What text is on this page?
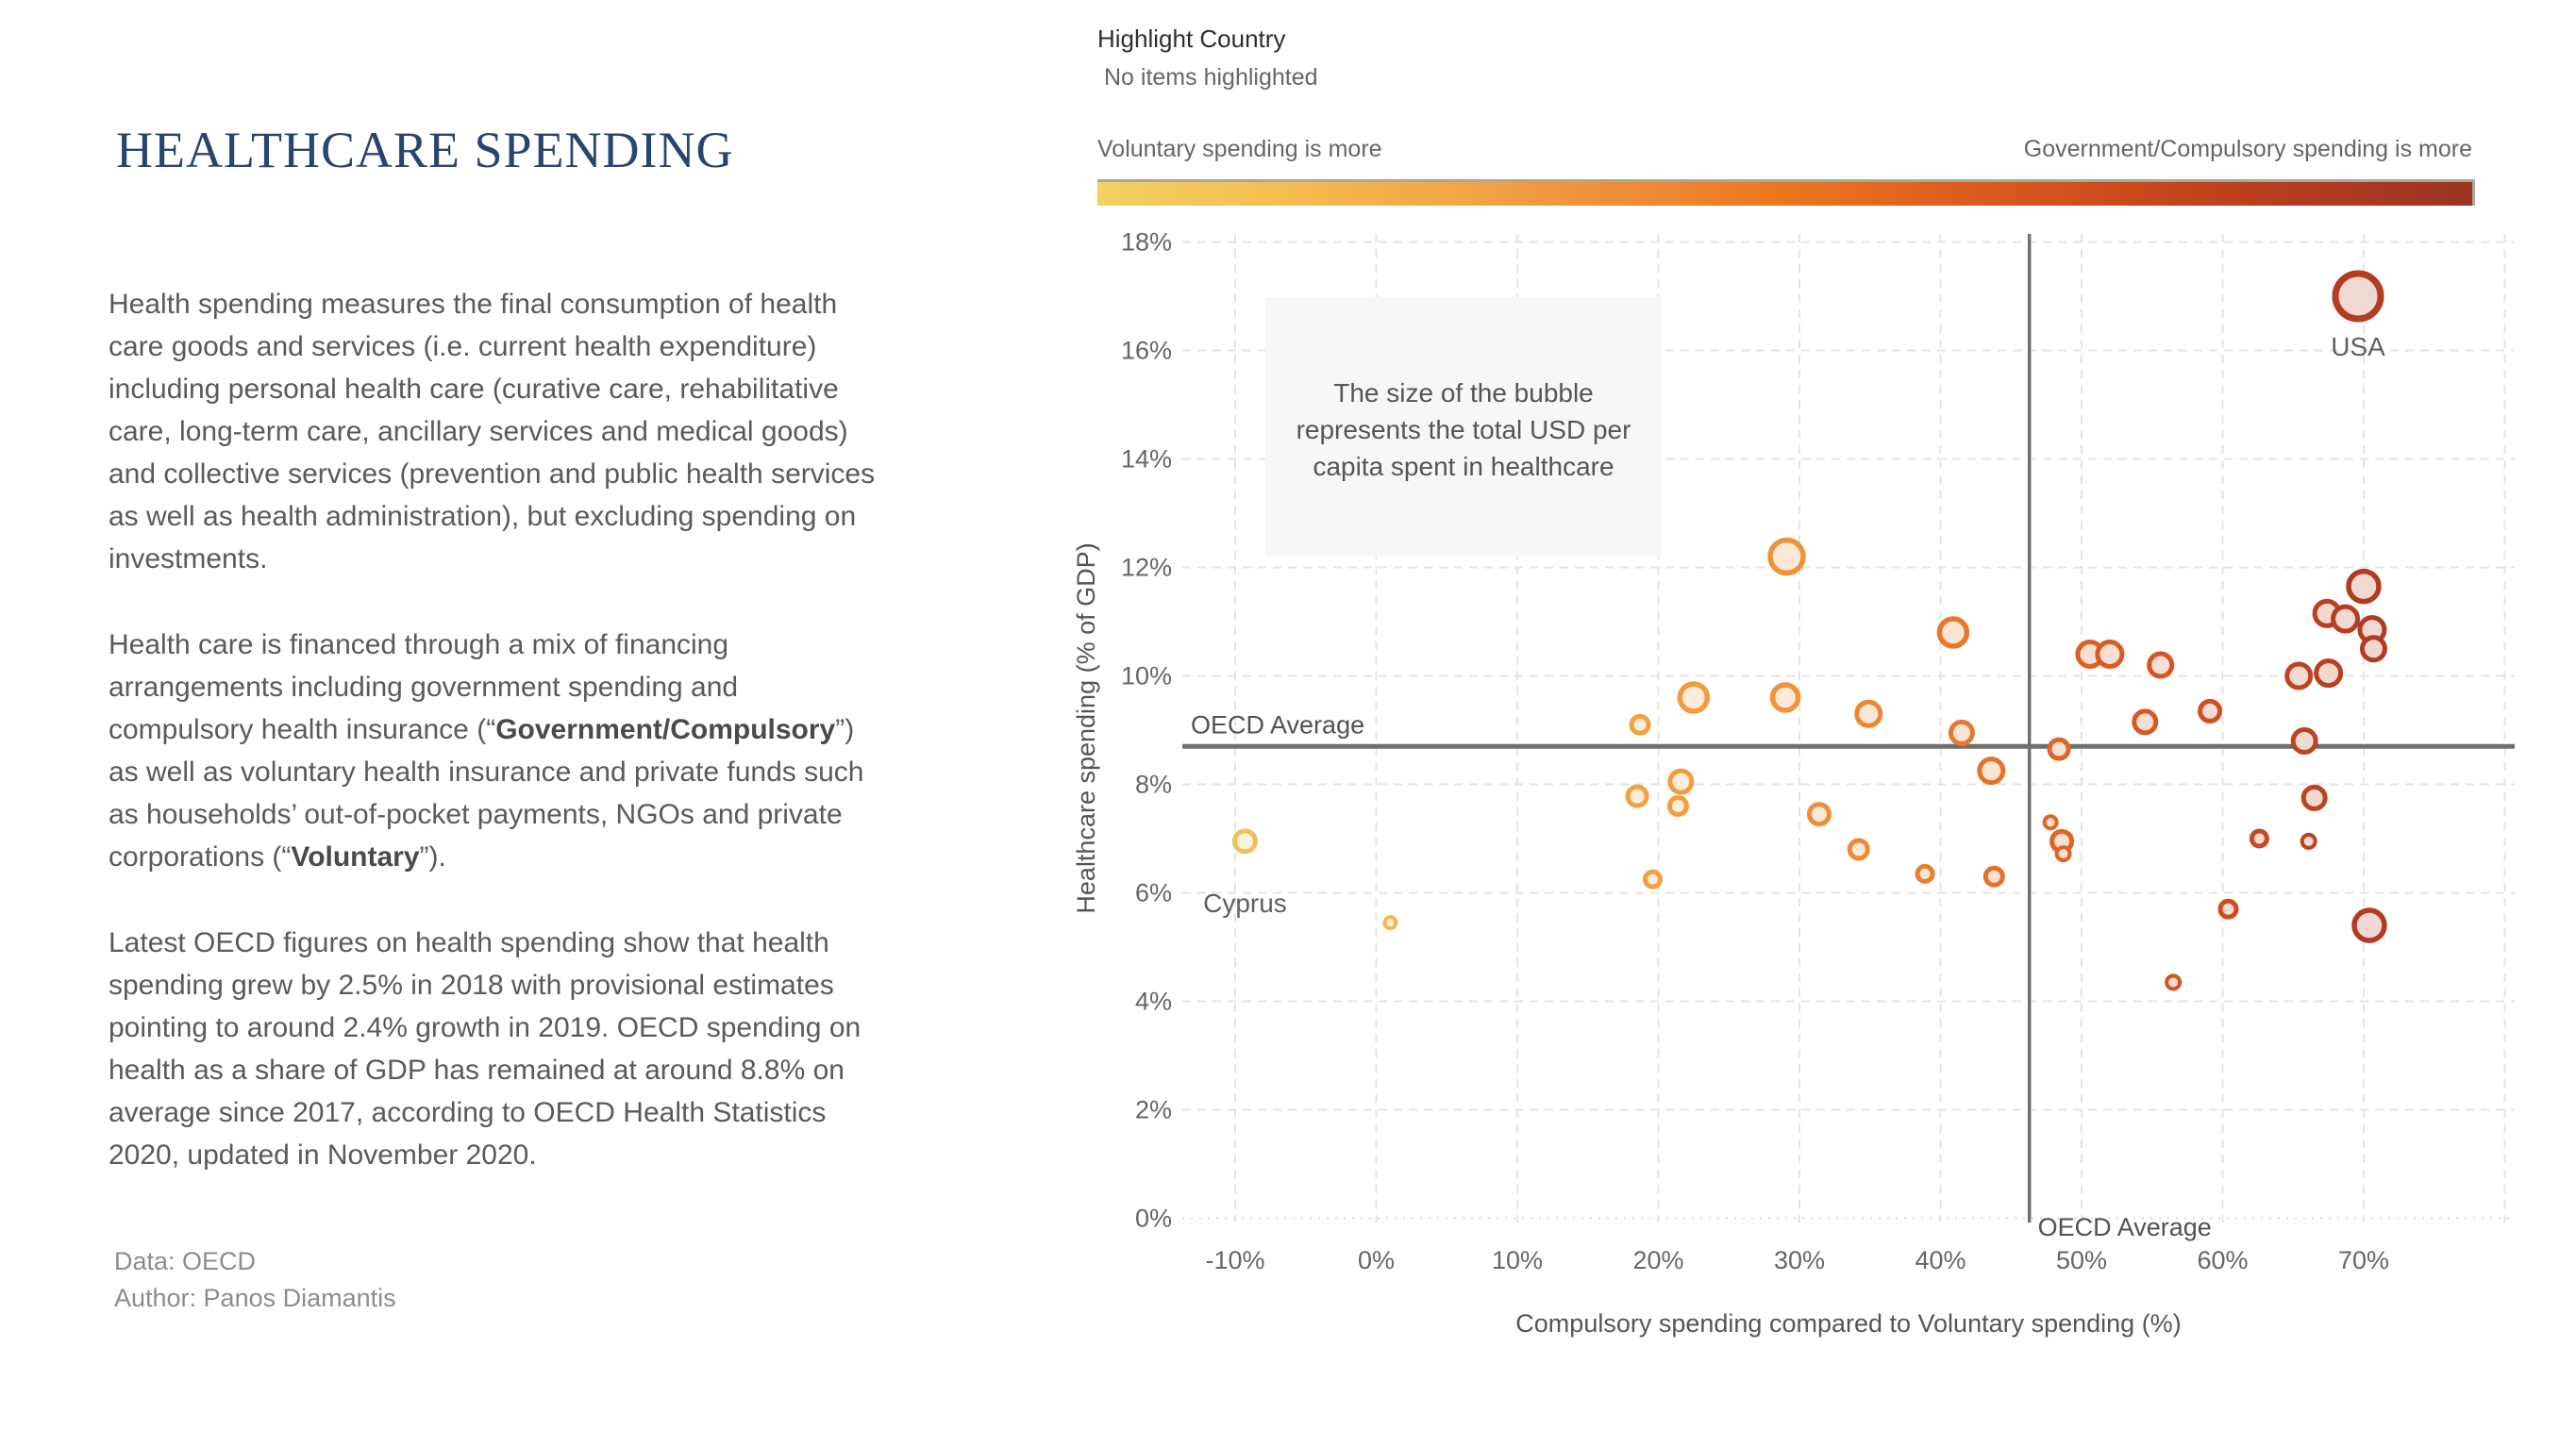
HEALTHCARE SPENDING

Health spending measures the final consumption of health care goods and services (i.e. current health expenditure) including personal health care (curative care, rehabilitative care, long-term care, ancillary services and medical goods) and collective services (prevention and public health services as well as health administration), but excluding spending on investments.

Health care is financed through a mix of financing arrangements including government spending and compulsory health insurance (“Government/Compulsory”) as well as voluntary health insurance and private funds such as households’ out-of-pocket payments, NGOs and private corporations (“Voluntary”).

Latest OECD figures on health spending show that health spending grew by 2.5% in 2018 with provisional estimates pointing to around 2.4% growth in 2019. OECD spending on health as a share of GDP has remained at around 8.8% on average since 2017, according to OECD Health Statistics 2020, updated in November 2020.

Data: OECD
Author: Panos Diamantis
Highlight Country
No items highlighted
Voluntary spending is more	Government/Compulsory spending is more
0%
2%
4%
6%
8%
10%
12%
14%
16%
18%
-10%	0%	10%	20%	30%	40%	50%	60%	70%
Compulsory spending compared to Voluntary spending (%)
Healthcare spending (% of GDP)
The size of the bubble
represents the total USD per
capita spent in healthcare
OECD Average
OECD Average
Cyprus
USA
